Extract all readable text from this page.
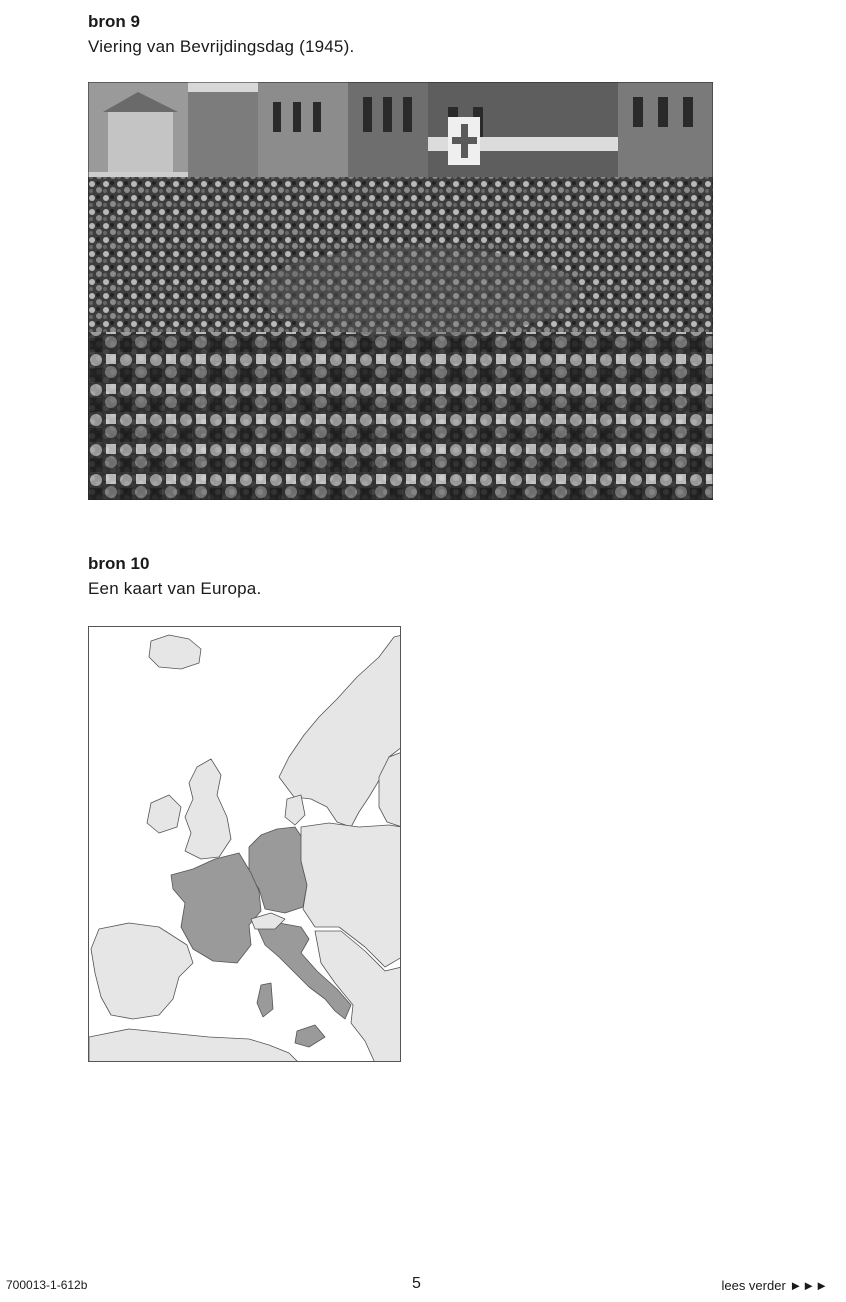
bron 9
Viering van Bevrijdingsdag (1945).
bron 10
Een kaart van Europa.
700013-1-612b	5	lees verder ►►►
